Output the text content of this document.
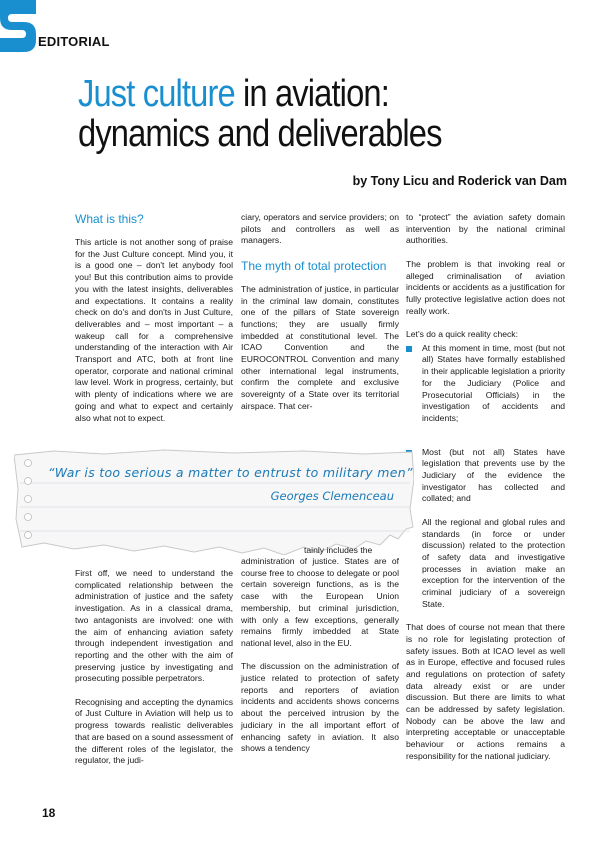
EDITORIAL
Just culture in aviation:
dynamics and deliverables
by Tony Licu and Roderick van Dam
What is this?

This article is not another song of praise for the Just Culture concept. Mind you, it is a good one – don't let anybody fool you! But this contribution aims to provide you with the latest insights, deliverables and expectations. It contains a reality check on do's and don'ts in Just Culture, deliverables and – most important – a wakeup call for a comprehensive understanding of the interaction with Air Transport and ATC, both at front line operator, corporate and national criminal law level. Work in progress, certainly, but with plenty of indications where we are going and what to expect and certainly also what not to expect.

First off, we need to understand the complicated relationship between the administration of justice and the safety investigation. As in a classical drama, two antagonists are involved: one with the aim of enhancing aviation safety through independent investigation and reporting and the other with the aim of preserving justice by investigating and prosecuting possible perpetrators.

Recognising and accepting the dynamics of Just Culture in Aviation will help us to progress towards realistic deliverables that are based on a sound assessment of the different roles of the legislator, the regulator, the judi-

ciary, operators and service providers; on pilots and controllers as well as managers.

The myth of total protection

The administration of justice, in particular in the criminal law domain, constitutes one of the pillars of State sovereign functions; they are usually firmly imbedded at constitutional level. The ICAO Convention and the EUROCONTROL Convention and many other international legal instruments, confirm the complete and exclusive sovereignty of a State over its territorial airspace. That cer-

administration of justice. States are of course free to choose to delegate or pool certain sovereign functions, as is the case with the European Union membership, but criminal jurisdiction, with only a few exceptions, generally remains firmly imbedded at State national level, also in the EU.

The discussion on the administration of justice related to protection of safety reports and reporters of aviation incidents and accidents shows concerns about the perceived intrusion by the judiciary in the all important effort of enhancing safety in aviation. It also shows a tendency

to “protect” the aviation safety domain intervention by the national criminal authorities.

The problem is that invoking real or alleged criminalisation of aviation incidents or accidents as a justification for fully protective legislative action does not really work.

Let's do a quick reality check:

At this moment in time, most (but not all) States have formally established in their applicable legislation a priority for the Judiciary (Police and Prosecutorial Officials) in the investigation of accidents and incidents;
Most (but not all) States have legislation that prevents use by the Judiciary of the evidence the investigator has collected and collated; and
All the regional and global rules and standards (in force or under discussion) related to the protection of safety data and investigative processes in aviation make an exception for the intervention of the criminal judiciary of a sovereign State.

That does of course not mean that there is no role for legislating protection of safety issues. Both at ICAO level as well as in Europe, effective and focused rules and regulations on protection of safety data already exist or are under discussion. But there are limits to what can be addressed by safety legislation. Nobody can be above the law and interpreting acceptable or unacceptable behaviour or actions remains a responsibility for the national judiciary.

“War is too serious a matter to entrust to military men”
Georges Clemenceau
tainly includes the
18
